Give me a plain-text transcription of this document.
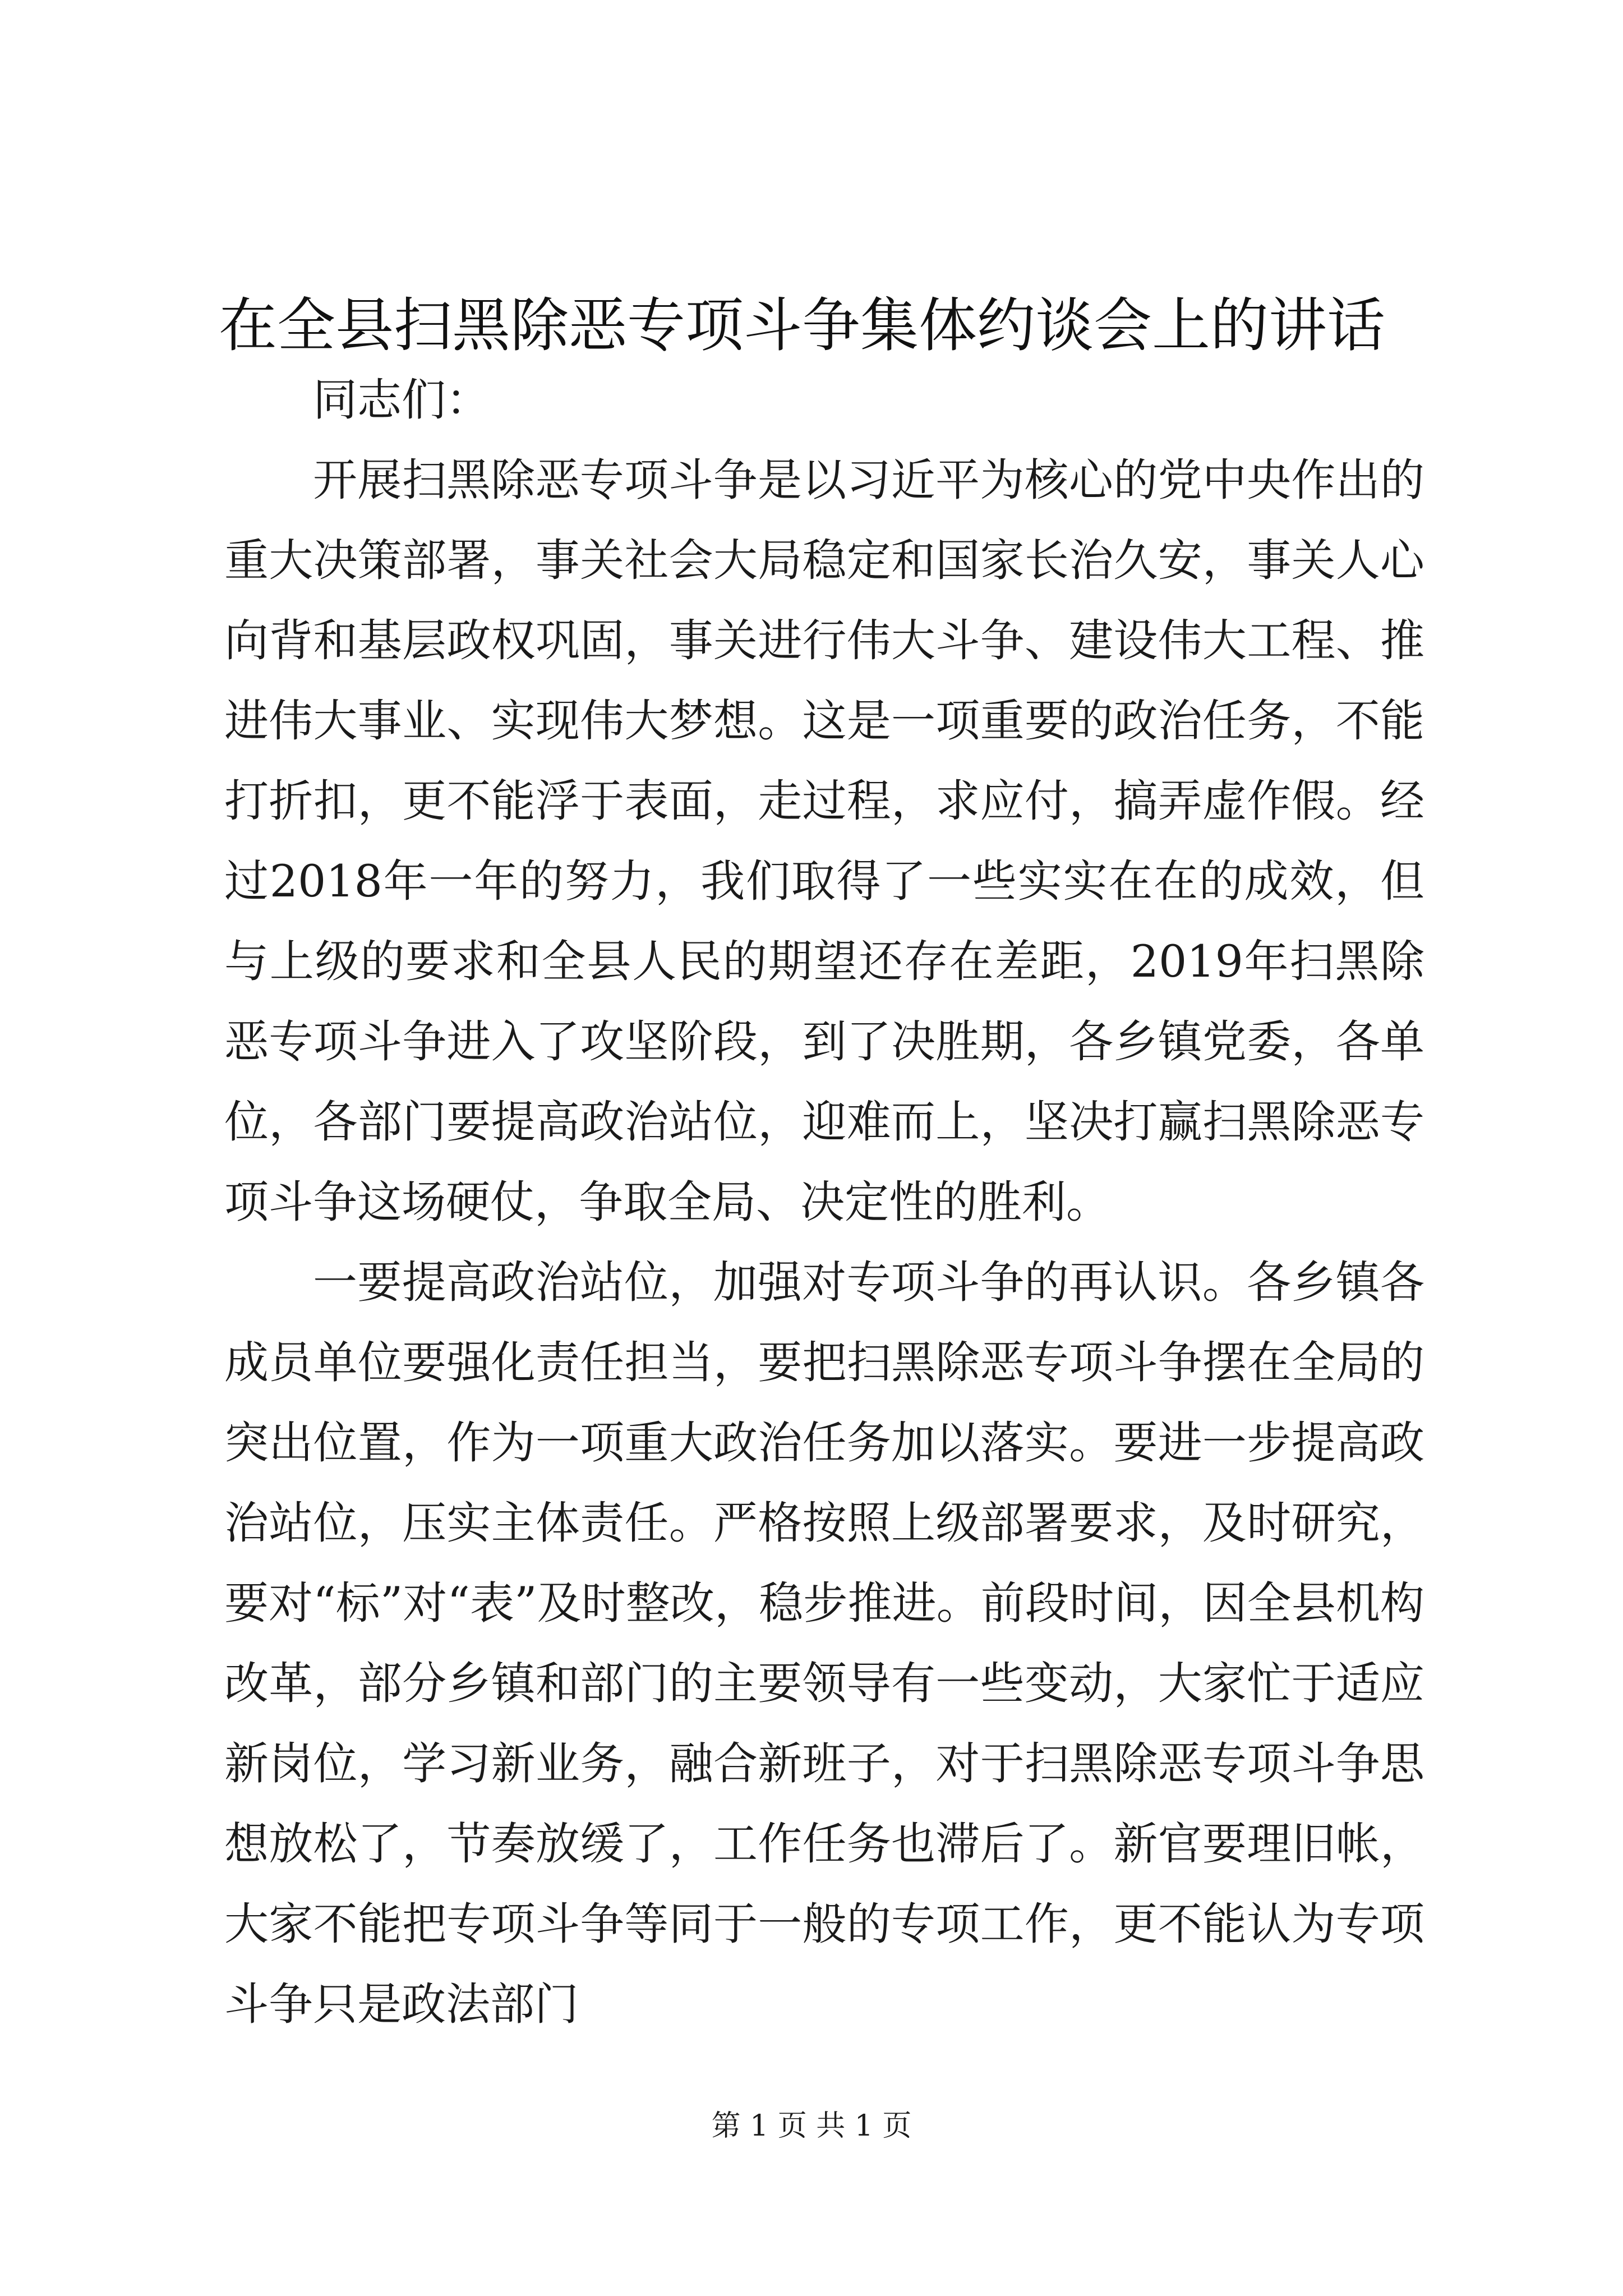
在全县扫黑除恶专项斗争集体约谈会上的讲话

同志们：

开展扫黑除恶专项斗争是以习近平为核心的党中央作出的重大决策部署，事关社会大局稳定和国家长治久安，事关人心向背和基层政权巩固，事关进行伟大斗争、建设伟大工程、推进伟大事业、实现伟大梦想。这是一项重要的政治任务，不能打折扣，更不能浮于表面，走过程，求应付，搞弄虚作假。经过2018年一年的努力，我们取得了一些实实在在的成效，但与上级的要求和全县人民的期望还存在差距，2019年扫黑除恶专项斗争进入了攻坚阶段，到了决胜期，各乡镇党委，各单位，各部门要提高政治站位，迎难而上，坚决打赢扫黑除恶专项斗争这场硬仗，争取全局、决定性的胜利。

一要提高政治站位，加强对专项斗争的再认识。各乡镇各成员单位要强化责任担当，要把扫黑除恶专项斗争摆在全局的突出位置，作为一项重大政治任务加以落实。要进一步提高政治站位，压实主体责任。严格按照上级部署要求，及时研究，要对“标”对“表”及时整改，稳步推进。前段时间，因全县机构改革，部分乡镇和部门的主要领导有一些变动，大家忙于适应新岗位，学习新业务，融合新班子，对于扫黑除恶专项斗争思想放松了，节奏放缓了，工作任务也滞后了。新官要理旧帐，大家不能把专项斗争等同于一般的专项工作，更不能认为专项斗争只是政法部门

第 1 页 共 1 页
